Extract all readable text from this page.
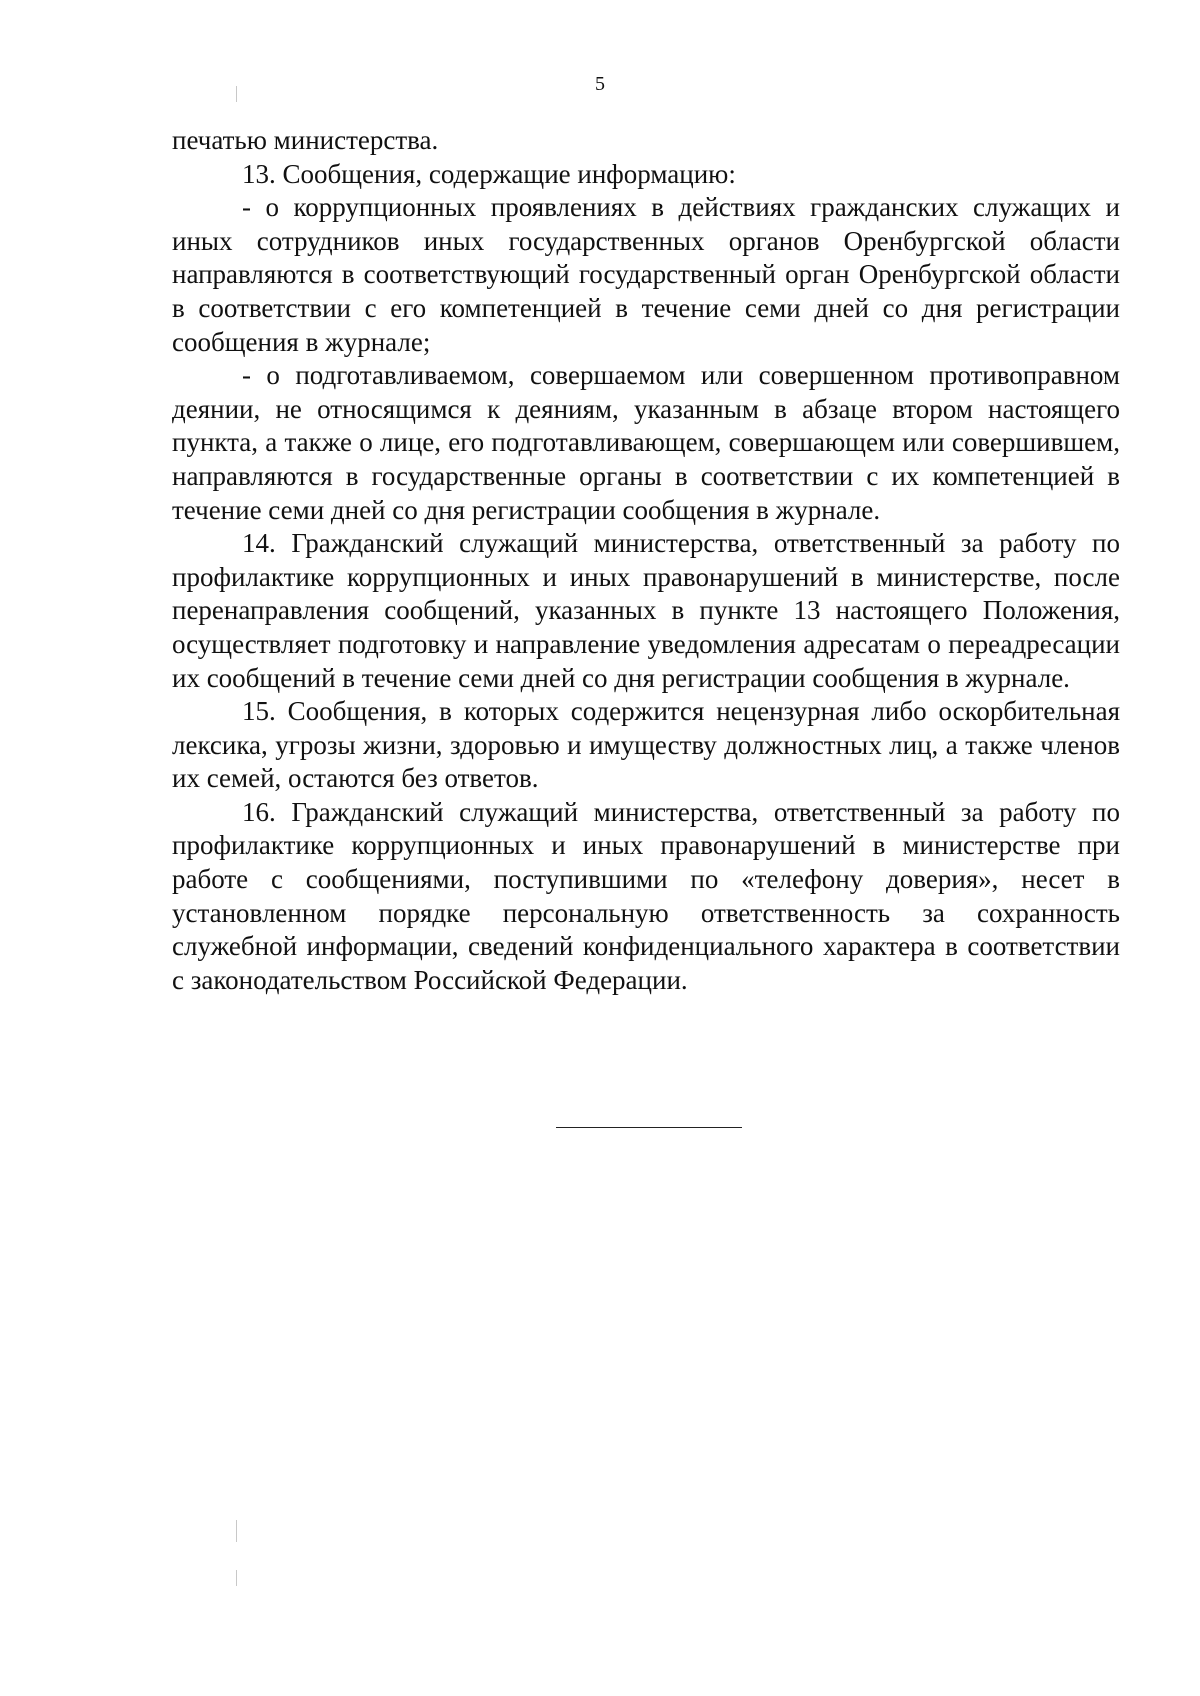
5

печатью министерства.

13. Сообщения, содержащие информацию:

- о коррупционных проявлениях в действиях гражданских служащих и иных сотрудников иных государственных органов Оренбургской области направляются в соответствующий государственный орган Оренбургской области в соответствии с его компетенцией в течение семи дней со дня регистрации сообщения в журнале;

- о подготавливаемом, совершаемом или совершенном противоправном деянии, не относящимся к деяниям, указанным в абзаце втором настоящего пункта, а также о лице, его подготавливающем, совершающем или совершившем, направляются в государственные органы в соответствии с их компетенцией в течение семи дней со дня регистрации сообщения в журнале.

14. Гражданский служащий министерства, ответственный за работу по профилактике коррупционных и иных правонарушений в министерстве, после перенаправления сообщений, указанных в пункте 13 настоящего Положения, осуществляет подготовку и направление уведомления адресатам о переадресации их сообщений в течение семи дней со дня регистрации сообщения в журнале.

15. Сообщения, в которых содержится нецензурная либо оскорбительная лексика, угрозы жизни, здоровью и имуществу должностных лиц, а также членов их семей, остаются без ответов.

16. Гражданский служащий министерства, ответственный за работу по профилактике коррупционных и иных правонарушений в министерстве при работе с сообщениями, поступившими по «телефону доверия», несет в установленном порядке персональную ответственность за сохранность служебной информации, сведений конфиденциального характера в соответствии с законодательством Российской Федерации.
